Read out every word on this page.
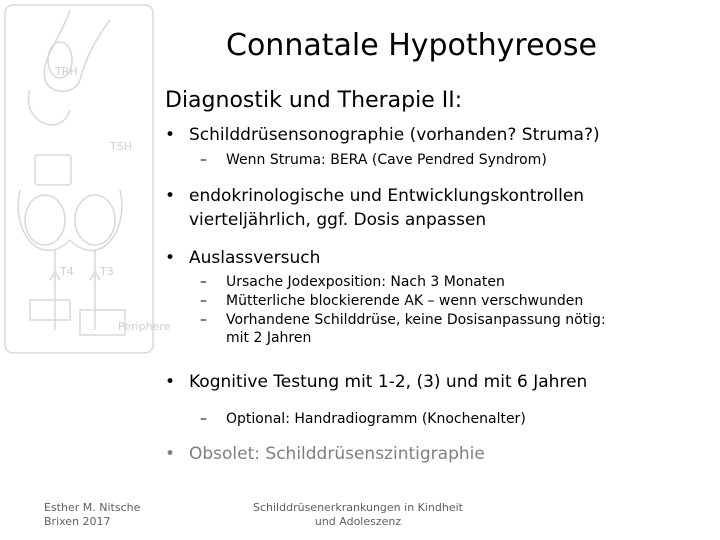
TRH
TSH
T4 T3
Periphere
Connatale Hypothyreose
Diagnostik und Therapie II:
• Schilddrüsensonographie (vorhanden? Struma?)
– Wenn Struma: BERA (Cave Pendred Syndrom)
• endokrinologische und Entwicklungskontrollen
vierteljährlich, ggf. Dosis anpassen
• Auslassversuch
– Ursache Jodexposition: Nach 3 Monaten
– Mütterliche blockierende AK – wenn verschwunden
– Vorhandene Schilddrüse, keine Dosisanpassung nötig:
mit 2 Jahren
• Kognitive Testung mit 1-2, (3) und mit 6 Jahren
– Optional: Handradiogramm (Knochenalter)
• Obsolet: Schilddrüsenszintigraphie
Esther M. Nitsche
Brixen 2017
Schilddrüsenerkrankungen in Kindheit
und Adoleszenz
